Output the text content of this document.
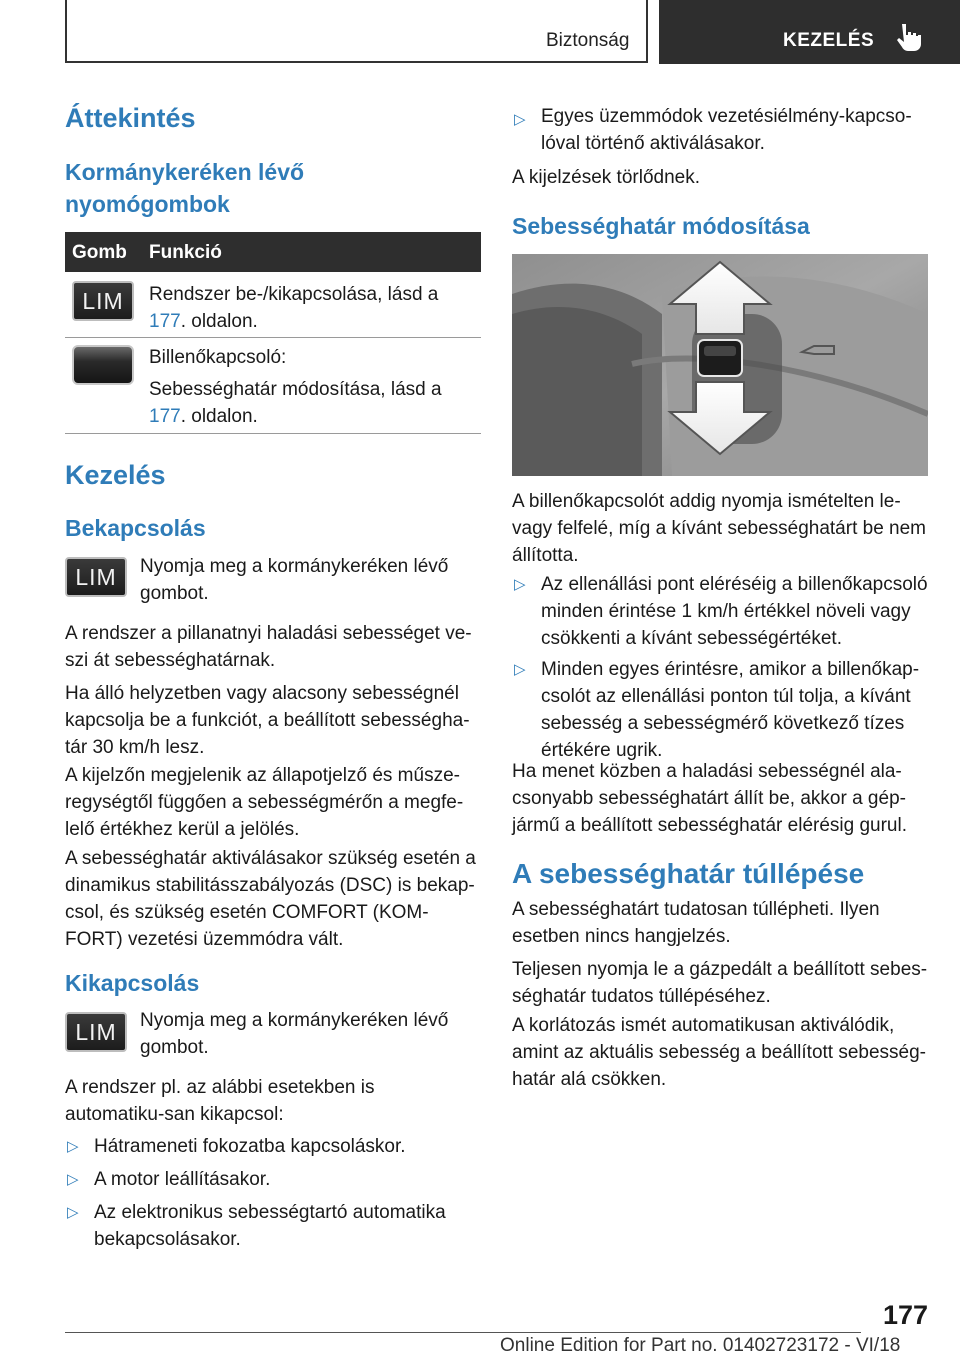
Biztonság	KEZELÉS
Áttekintés
Kormánykeréken lévő nyomógombok
Gomb Funkció
LIM	Rendszer be-/kikapcsolása, lásd a 177. oldalon.
Billenőkapcsoló:
Sebességhatár módosítása, lásd a 177. oldalon.
Kezelés
Bekapcsolás
LIM	Nyomja meg a kormánykeréken lévő gombot.
A rendszer a pillanatnyi haladási sebességet ve-szi át sebességhatárnak.
Ha álló helyzetben vagy alacsony sebességnél kapcsolja be a funkciót, a beállított sebességha-tár 30 km/h lesz.
A kijelzőn megjelenik az állapotjelző és műsze-regységtől függően a sebességmérőn a megfe-lelő értékhez kerül a jelölés.
A sebességhatár aktiválásakor szükség esetén a dinamikus stabilitásszabályozás (DSC) is bekap-csol, és szükség esetén COMFORT (KOM-FORT) vezetési üzemmódra vált.
Kikapcsolás
LIM	Nyomja meg a kormánykeréken lévő gombot.
A rendszer pl. az alábbi esetekben is automatiku-san kikapcsol:
▷ Hátrameneti fokozatba kapcsoláskor.
▷ A motor leállításakor.
▷ Az elektronikus sebességtartó automatika bekapcsolásakor.
▷ Egyes üzemmódok vezetésiélmény-kapcso-lóval történő aktiválásakor.
A kijelzések törlődnek.
Sebességhatár módosítása
A billenőkapcsolót addig nyomja ismételten le-vagy felfelé, míg a kívánt sebességhatárt be nem állította.
▷ Az ellenállási pont eléréséig a billenőkapcsoló minden érintése 1 km/h értékkel növeli vagy csökkenti a kívánt sebességértéket.
▷ Minden egyes érintésre, amikor a billenőkap-csolót az ellenállási ponton túl tolja, a kívánt sebesség a sebességmérő következő tízes értékére ugrik.
Ha menet közben a haladási sebességnél ala-csonyabb sebességhatárt állít be, akkor a gép-jármű a beállított sebességhatár elérésig gurul.
A sebességhatár túllépése
A sebességhatárt tudatosan túllépheti. Ilyen esetben nincs hangjelzés.
Teljesen nyomja le a gázpedált a beállított sebes-séghatár tudatos túllépéséhez.
A korlátozás ismét automatikusan aktiválódik, amint az aktuális sebesség a beállított sebesség-határ alá csökken.
177
Online Edition for Part no. 01402723172 - VI/18
